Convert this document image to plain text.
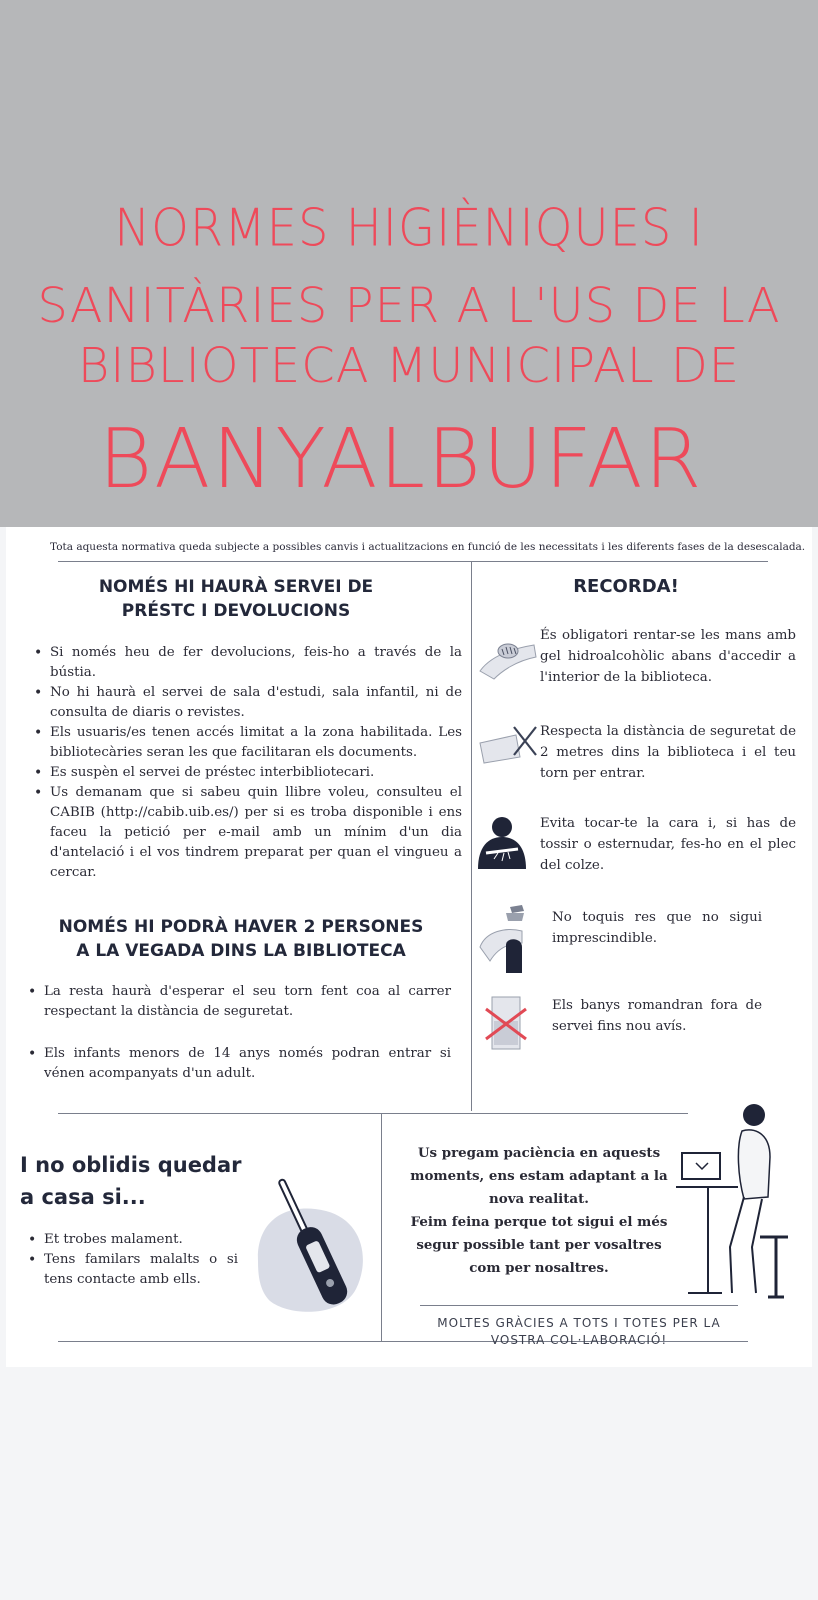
NORMES HIGIÈNIQUES I
SANITÀRIES PER A L'US DE LA
BIBLIOTECA MUNICIPAL DE
BANYALBUFAR
Tota aquesta normativa queda subjecte a possibles canvis i actualitzacions en funció de les necessitats i les diferents fases de la desescalada.
NOMÉS HI HAURÀ SERVEI DE
PRÉSTC I DEVOLUCIONS
• Si només heu de fer devolucions, feis-ho a través de la bústia.
• No hi haurà el servei de sala d'estudi, sala infantil, ni de consulta de diaris o revistes.
• Els usuaris/es tenen accés limitat a la zona habilitada. Les bibliotecàries seran les que facilitaran els documents.
• Es suspèn el servei de préstec interbibliotecari.
• Us demanam que si sabeu quin llibre voleu, consulteu el CABIB (http://cabib.uib.es/) per si es troba disponible i ens faceu la petició per e-mail amb un mínim d'un dia d'antelació i el vos tindrem preparat per quan el vingueu a cercar.
NOMÉS HI PODRÀ HAVER 2 PERSONES
A LA VEGADA DINS LA BIBLIOTECA
• La resta haurà d'esperar el seu torn fent coa al carrer respectant la distància de seguretat.
• Els infants menors de 14 anys només podran entrar si vénen acompanyats d'un adult.
RECORDA!
És obligatori rentar-se les mans amb gel hidroalcohòlic abans d'accedir a l'interior de la biblioteca.
Respecta la distància de seguretat de 2 metres dins la biblioteca i el teu torn per entrar.
Evita tocar-te la cara i, si has de tossir o esternudar, fes-ho en el plec del colze.
No toquis res que no sigui imprescindible.
Els banys romandran fora de servei fins nou avís.
I no oblidis quedar
a casa si...
• Et trobes malament.
• Tens familars malalts o si tens contacte amb ells.
Us pregam paciència en aquests
moments, ens estam adaptant a la
nova realitat.
Feim feina perque tot sigui el més
segur possible tant per vosaltres
com per nosaltres.
MOLTES GRÀCIES A TOTS I TOTES PER LA
VOSTRA COL·LABORACIÓ!
